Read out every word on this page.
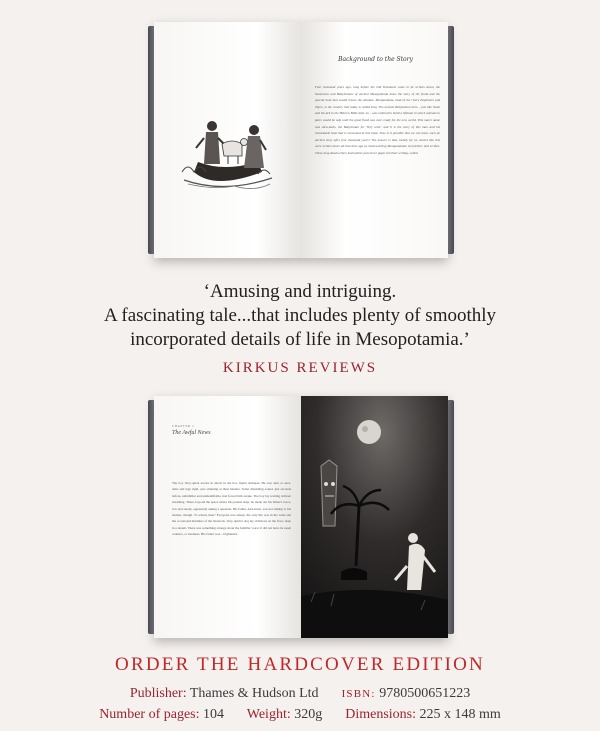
Background to the Story
Four thousand years ago, long before the Old Testament came to be written down, the Sumerians and Babylonians of ancient Mesopotamia knew the story of the flood and the special boat that would rescue the animals. Mesopotamia, land of the rivers Euphrates and Tigris, is the country that today is called Iraq. The ancient Babylonian hero – just like Noah and his Ark in the Hebrew Bible later on – was ordered to build a lifeboat in which animals in pairs would be safe until the great flood was over, ready for the new world. This man's name was Atra-hasis, the Babylonian for 'Very wise', and it is the story of this man and his remarkable boat that is recounted in this book. Now is it possible that we can know such an ancient story after four thousand years? The answer is that, luckily for us, stories like this were written down all that time ago by hard-working Mesopotamian storytellers and scribes. These long dead writers had neither pencil nor paper but their writing, called
‘Amusing and intriguing.
A fascinating tale...that includes plenty of smoothly
incorporated details of life in Mesopotamia.’
KIRKUS REVIEWS
CHAPTER 1
The Awful News
The boy Very-quick awoke in shock in the hot, liquid darkness. He was alert at once, arms and legs rigid, ears straining at their hardest. Some disturbing sound, just seconds before, unfamiliar and unidentifiable, had forced him awake. The boy lay waiting without breathing. There, beyond the space where his parents slept, he made out his father's voice, low and steady, apparently asking a question. His father, Atra-hasis, was not talking to his mother, though. To whom, then? Everyone was asleep: the only life was in the wind and the occasional murmurs of the livestock. Very-quick's dog lay oblivious on the floor, deep in a dream. There was something strange about the familiar voice: it did not have its usual cadence, or loudness. His father was... frightened.
ORDER THE HARDCOVER EDITION
Publisher: Thames & Hudson Ltd ISBN: 9780500651223
Number of pages: 104 Weight: 320g Dimensions: 225 x 148 mm
